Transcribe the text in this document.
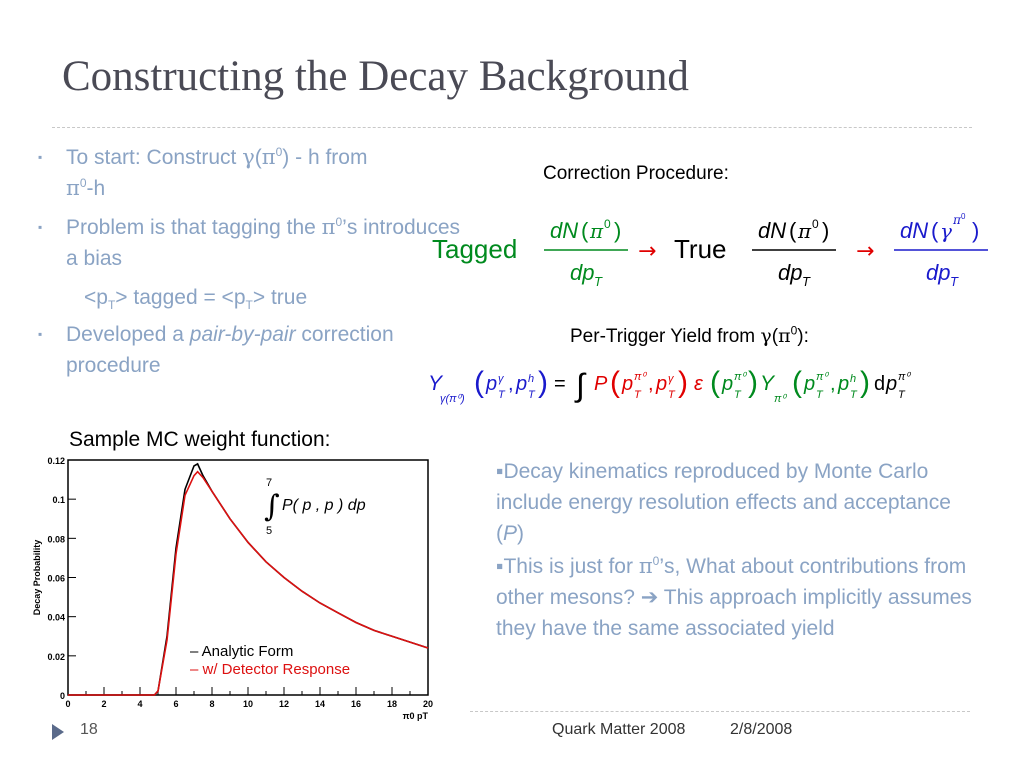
Constructing the Decay Background
▪ To start: Construct $\gamma(\pi^0)$ - h from
$\pi^0-h$
▪ Problem is that tagging the $\pi^0’s$ introduces a bias
$<p_T>$ tagged = $<p_T>$ true
▪ Developed a pair-by-pair correction procedure
Correction Procedure:
Tagged
dN ( π 0 )
dp T
→ True
dN ( π 0 )
dp T
→
dN ( γ π 0
)
dp T
Per-Trigger Yield from $\gamma(\pi^0)$:
Y
γ(π⁰) ( p γ
T , p h
T ) = ∫ P ( p π⁰
T , p γ
T ) ε ( p π⁰
T ) Y
π⁰ ( p π⁰
T , p h
T ) d p π⁰
T
Sample MC weight function:
0
0.02
0.04
0.06
0.08
0.1
0.12
0	2	4	6	8	10	12	14	16	18	20
Decay Probability
π0 pT
7
∫
5
P( p , p ) dp
– Analytic Form
– w/ Detector Response
▪Decay kinematics reproduced by Monte Carlo include energy resolution effects and acceptance (P)
▪This is just for $\pi^0’s$, What about contributions from other mesons? ➔ This approach implicitly assumes they have the same associated yield
18	Quark Matter 2008	2/8/2008
